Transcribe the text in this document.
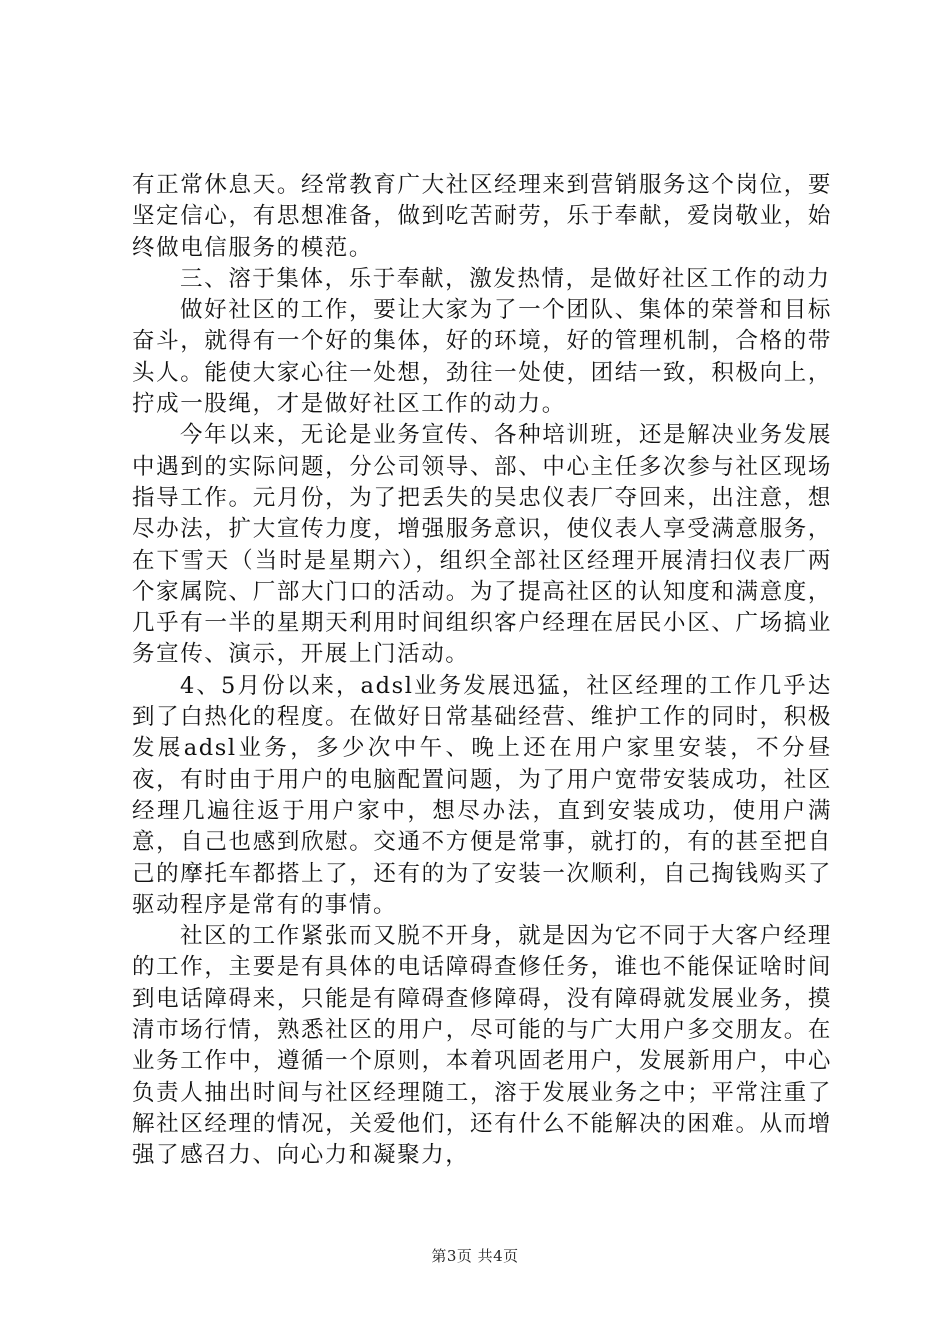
有正常休息天。经常教育广大社区经理来到营销服务这个岗位，要坚定信心，有思想准备，做到吃苦耐劳，乐于奉献，爱岗敬业，始终做电信服务的模范。

三、溶于集体，乐于奉献，激发热情，是做好社区工作的动力

做好社区的工作，要让大家为了一个团队、集体的荣誉和目标奋斗，就得有一个好的集体，好的环境，好的管理机制，合格的带头人。能使大家心往一处想，劲往一处使，团结一致，积极向上，拧成一股绳，才是做好社区工作的动力。

今年以来，无论是业务宣传、各种培训班，还是解决业务发展中遇到的实际问题，分公司领导、部、中心主任多次参与社区现场指导工作。元月份，为了把丢失的吴忠仪表厂夺回来，出注意，想尽办法，扩大宣传力度，增强服务意识，使仪表人享受满意服务，在下雪天（当时是星期六），组织全部社区经理开展清扫仪表厂两个家属院、厂部大门口的活动。为了提高社区的认知度和满意度，几乎有一半的星期天利用时间组织客户经理在居民小区、广场搞业务宣传、演示，开展上门活动。

4、5月份以来，adsl业务发展迅猛，社区经理的工作几乎达到了白热化的程度。在做好日常基础经营、维护工作的同时，积极发展adsl业务，多少次中午、晚上还在用户家里安装，不分昼夜，有时由于用户的电脑配置问题，为了用户宽带安装成功，社区经理几遍往返于用户家中，想尽办法，直到安装成功，使用户满意，自己也感到欣慰。交通不方便是常事，就打的，有的甚至把自己的摩托车都搭上了，还有的为了安装一次顺利，自己掏钱购买了驱动程序是常有的事情。

社区的工作紧张而又脱不开身，就是因为它不同于大客户经理的工作，主要是有具体的电话障碍查修任务，谁也不能保证啥时间到电话障碍来，只能是有障碍查修障碍，没有障碍就发展业务，摸清市场行情，熟悉社区的用户，尽可能的与广大用户多交朋友。在业务工作中，遵循一个原则，本着巩固老用户，发展新用户，中心负责人抽出时间与社区经理随工，溶于发展业务之中；平常注重了解社区经理的情况，关爱他们，还有什么不能解决的困难。从而增强了感召力、向心力和凝聚力，

第3页 共4页
